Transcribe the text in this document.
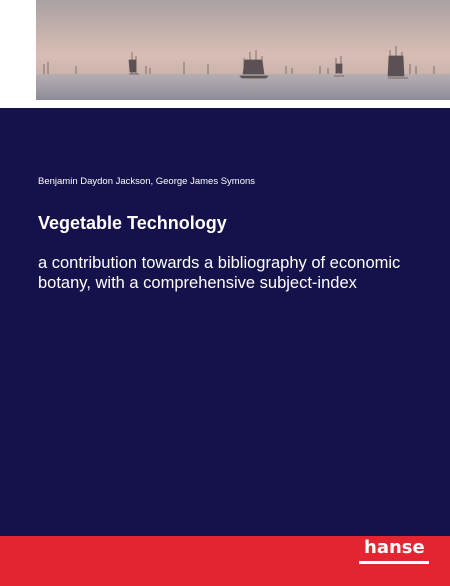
Benjamin Daydon Jackson, George James Symons
Vegetable Technology
a contribution towards a bibliography of economic botany, with a comprehensive subject-index
hanse
